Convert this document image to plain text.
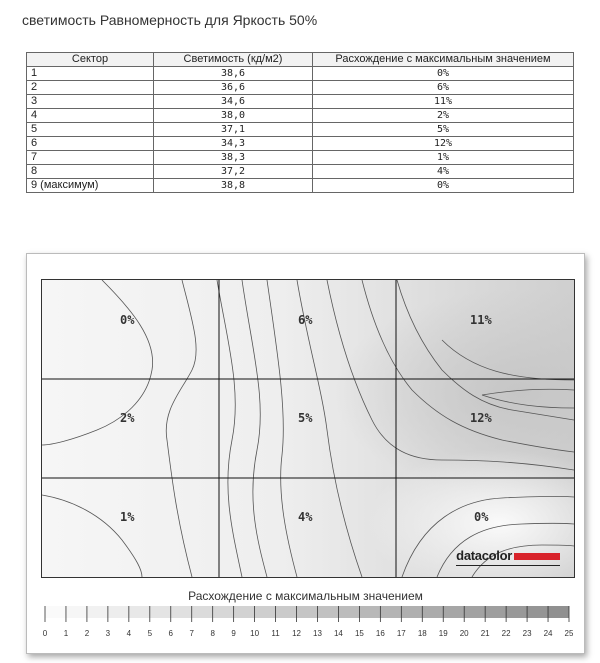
светимость Равномерность для Яркость 50%
Сектор	Светимость (кд/м2)	Расхождение с максимальным значением
1	38,6	0%
2	36,6	6%
3	34,6	11%
4	38,0	2%
5	37,1	5%
6	34,3	12%
7	38,3	1%
8	37,2	4%
9 (максимум)	38,8	0%
0%	6%	11%
2%	5%	12%
1%	4%	0%
datacolor
Расхождение с максимальным значением
0 1 2 3 4 5 6 7 8 9 10 11 12 13 14 15 16 17 18 19 20 21 22 23 24 25
